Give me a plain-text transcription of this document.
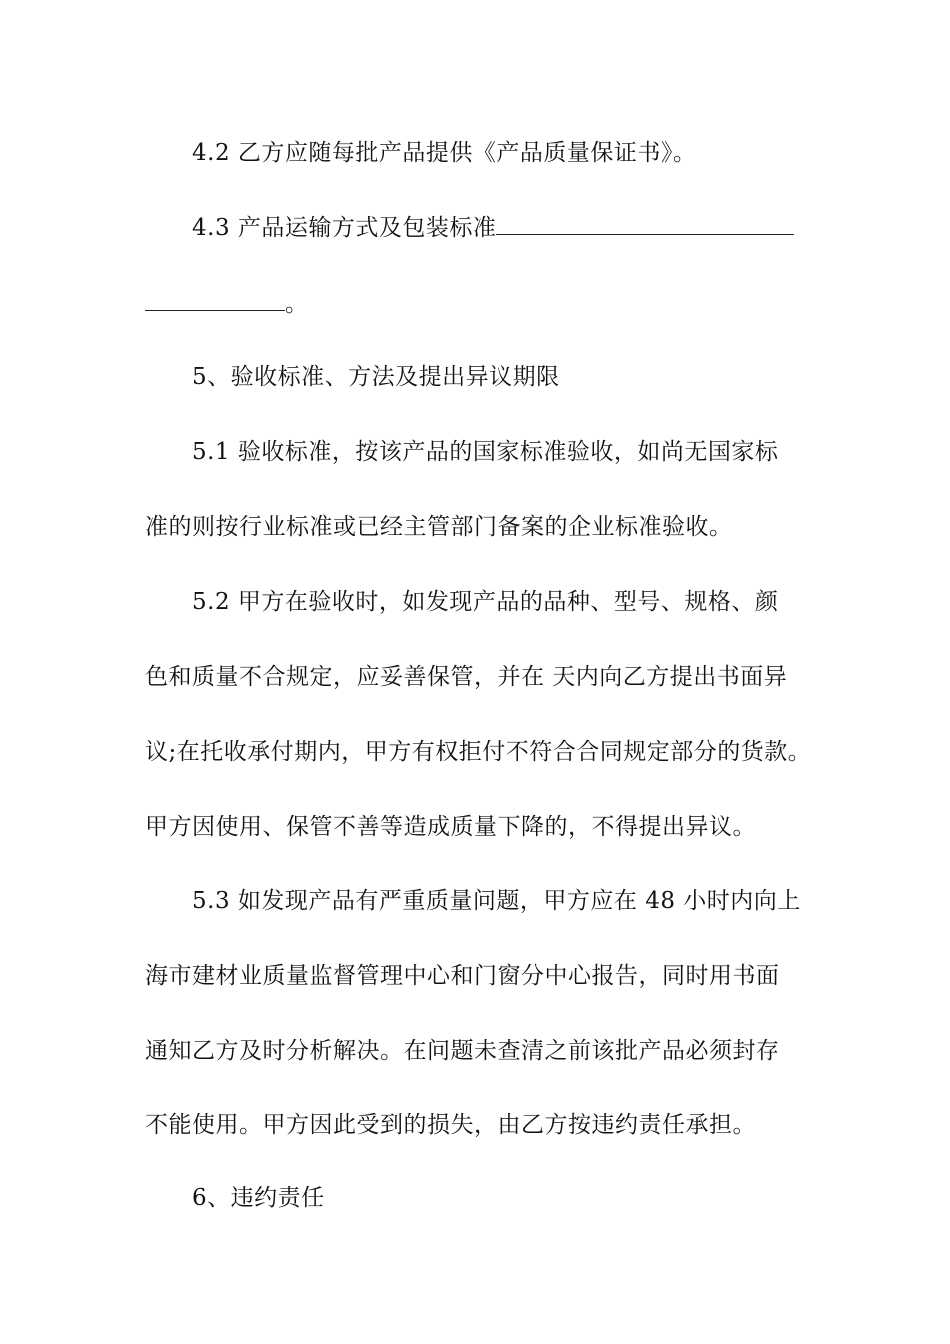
4.2 乙方应随每批产品提供《产品质量保证书》。
4.3 产品运输方式及包装标准
。
5、验收标准、方法及提出异议期限
5.1 验收标准，按该产品的国家标准验收，如尚无国家标
准的则按行业标准或已经主管部门备案的企业标准验收。
5.2 甲方在验收时，如发现产品的品种、型号、规格、颜
色和质量不合规定，应妥善保管，并在 天内向乙方提出书面异
议;在托收承付期内，甲方有权拒付不符合合同规定部分的货款。
甲方因使用、保管不善等造成质量下降的，不得提出异议。
5.3 如发现产品有严重质量问题，甲方应在 48 小时内向上
海市建材业质量监督管理中心和门窗分中心报告，同时用书面
通知乙方及时分析解决。在问题未查清之前该批产品必须封存
不能使用。甲方因此受到的损失，由乙方按违约责任承担。
6、违约责任
